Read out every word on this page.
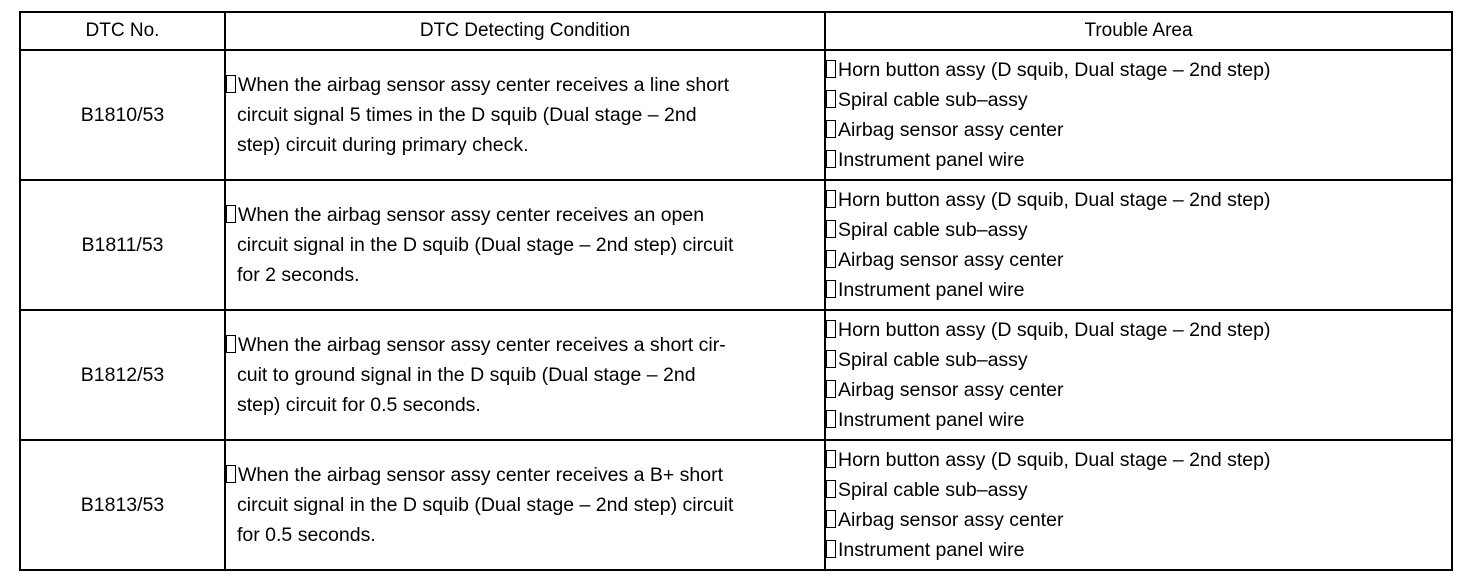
DTC No.	DTC Detecting Condition	Trouble Area
B1810/53	When the airbag sensor assy center receives a line short
circuit signal 5 times in the D squib (Dual stage – 2nd
step) circuit during primary check.	Horn button assy (D squib, Dual stage – 2nd step)
Spiral cable sub–assy
Airbag sensor assy center
Instrument panel wire

B1811/53	When the airbag sensor assy center receives an open
circuit signal in the D squib (Dual stage – 2nd step) circuit
for 2 seconds.	Horn button assy (D squib, Dual stage – 2nd step)
Spiral cable sub–assy
Airbag sensor assy center
Instrument panel wire

B1812/53	When the airbag sensor assy center receives a short cir-
cuit to ground signal in the D squib (Dual stage – 2nd
step) circuit for 0.5 seconds.	Horn button assy (D squib, Dual stage – 2nd step)
Spiral cable sub–assy
Airbag sensor assy center
Instrument panel wire

B1813/53	When the airbag sensor assy center receives a B+ short
circuit signal in the D squib (Dual stage – 2nd step) circuit
for 0.5 seconds.	Horn button assy (D squib, Dual stage – 2nd step)
Spiral cable sub–assy
Airbag sensor assy center
Instrument panel wire
